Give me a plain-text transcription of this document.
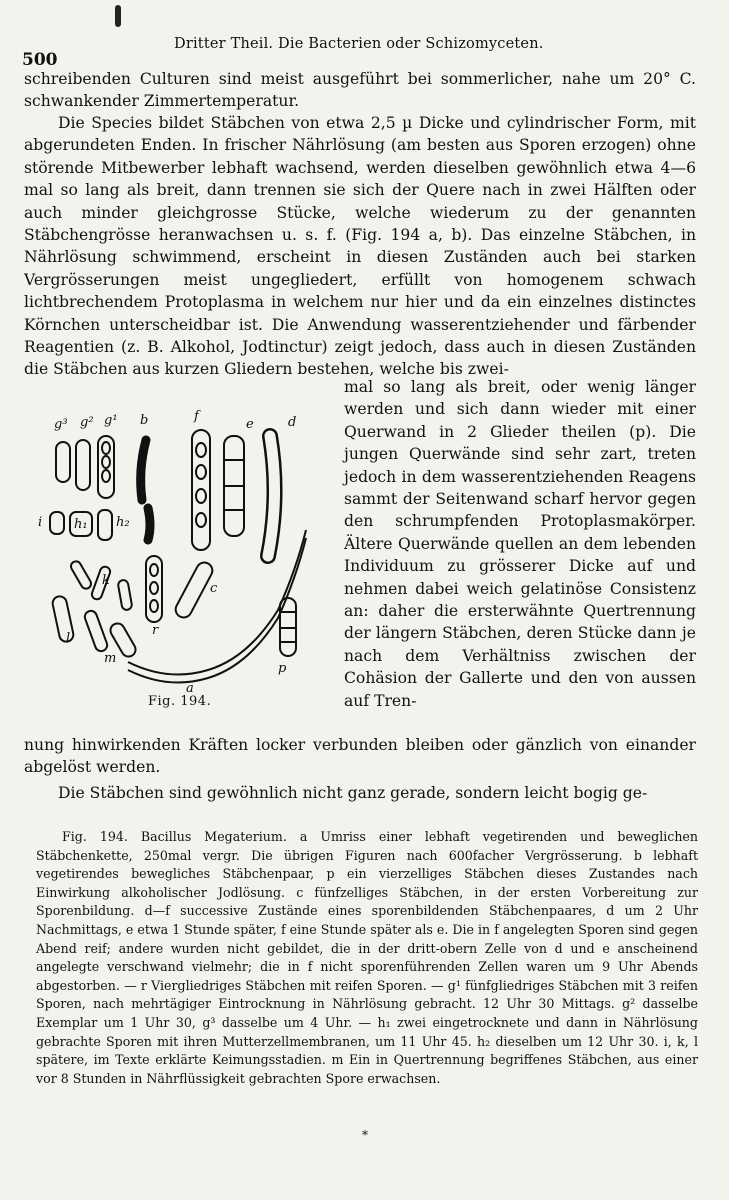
500
Dritter Theil. Die Bacterien oder Schizomyceten.

schreibenden Culturen sind meist ausgeführt bei sommerlicher, nahe um 20° C. schwankender Zimmertemperatur.

Die Species bildet Stäbchen von etwa 2,5 µ Dicke und cylindrischer Form, mit abgerundeten Enden. In frischer Nährlösung (am besten aus Sporen erzogen) ohne störende Mitbewerber lebhaft wachsend, werden dieselben gewöhnlich etwa 4—6 mal so lang als breit, dann trennen sie sich der Quere nach in zwei Hälften oder auch minder gleichgrosse Stücke, welche wiederum zu der genannten Stäbchengrösse heranwachsen u. s. f. (Fig. 194 a, b). Das einzelne Stäbchen, in Nährlösung schwimmend, erscheint in diesen Zuständen auch bei starken Vergrösserungen meist ungegliedert, erfüllt von homogenem schwach lichtbrechendem Protoplasma in welchem nur hier und da ein einzelnes distinctes Körnchen unterscheidbar ist. Die Anwendung wasserentziehender und färbender Reagentien (z. B. Alkohol, Jodtinctur) zeigt jedoch, dass auch in diesen Zuständen die Stäbchen aus kurzen Gliedern bestehen, welche bis zwei-

mal so lang als breit, oder wenig länger werden und sich dann wieder mit einer Querwand in 2 Glieder theilen (p). Die jungen Querwände sind sehr zart, treten jedoch in dem wasserentziehenden Reagens sammt der Seitenwand scharf hervor gegen den schrumpfenden Protoplasmakörper. Ältere Querwände quellen an dem lebenden Individuum zu grösserer Dicke auf und nehmen dabei weich gelatinöse Consistenz an: daher die ersterwähnte Quertrennung der längern Stäbchen, deren Stücke dann je nach dem Verhältniss zwischen der Cohäsion der Gallerte und den von aussen auf Tren-

g³ g² g¹ b	f
e	d
i h₁ h₂
k
c
l
r
m
p
a
Fig. 194.

nung hinwirkenden Kräften locker verbunden bleiben oder gänzlich von einander abgelöst werden.

Die Stäbchen sind gewöhnlich nicht ganz gerade, sondern leicht bogig ge-

Fig. 194. Bacillus Megaterium. a Umriss einer lebhaft vegetirenden und beweglichen Stäbchenkette, 250mal vergr. Die übrigen Figuren nach 600facher Vergrösserung. b lebhaft vegetirendes bewegliches Stäbchenpaar, p ein vierzelliges Stäbchen dieses Zustandes nach Einwirkung alkoholischer Jodlösung. c fünfzelliges Stäbchen, in der ersten Vorbereitung zur Sporenbildung. d—f successive Zustände eines sporenbildenden Stäbchenpaares, d um 2 Uhr Nachmittags, e etwa 1 Stunde später, f eine Stunde später als e. Die in f angelegten Sporen sind gegen Abend reif; andere wurden nicht gebildet, die in der dritt-obern Zelle von d und e anscheinend angelegte verschwand vielmehr; die in f nicht sporenführenden Zellen waren um 9 Uhr Abends abgestorben. — r Viergliedriges Stäbchen mit reifen Sporen. — g¹ fünfgliedriges Stäbchen mit 3 reifen Sporen, nach mehrtägiger Eintrocknung in Nährlösung gebracht. 12 Uhr 30 Mittags. g² dasselbe Exemplar um 1 Uhr 30, g³ dasselbe um 4 Uhr. — h₁ zwei eingetrocknete und dann in Nährlösung gebrachte Sporen mit ihren Mutterzellmembranen, um 11 Uhr 45. h₂ dieselben um 12 Uhr 30. i, k, l spätere, im Texte erklärte Keimungsstadien. m Ein in Quertrennung begriffenes Stäbchen, aus einer vor 8 Stunden in Nährflüssigkeit gebrachten Spore erwachsen.

*
